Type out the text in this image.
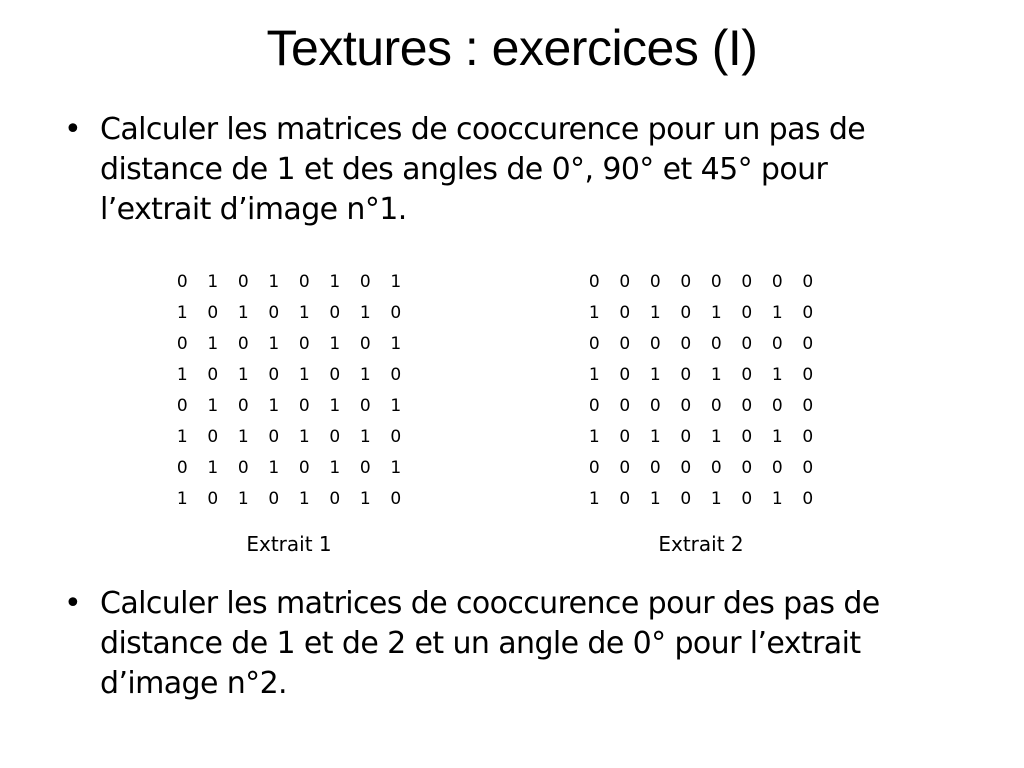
Textures : exercices (I)
• Calculer les matrices de cooccurence pour un pas de distance de 1 et des angles de 0°, 90° et 45° pour l’extrait d’image n°1.
0	1	0	1	0	1	0	1
1	0	1	0	1	0	1	0
0	1	0	1	0	1	0	1
1	0	1	0	1	0	1	0
0	1	0	1	0	1	0	1
1	0	1	0	1	0	1	0
0	1	0	1	0	1	0	1
1	0	1	0	1	0	1	0
Extrait 1
0	0	0	0	0	0	0	0
1	0	1	0	1	0	1	0
0	0	0	0	0	0	0	0
1	0	1	0	1	0	1	0
0	0	0	0	0	0	0	0
1	0	1	0	1	0	1	0
0	0	0	0	0	0	0	0
1	0	1	0	1	0	1	0
Extrait 2
• Calculer les matrices de cooccurence pour des pas de distance de 1 et de 2 et un angle de 0° pour l’extrait d’image n°2.
